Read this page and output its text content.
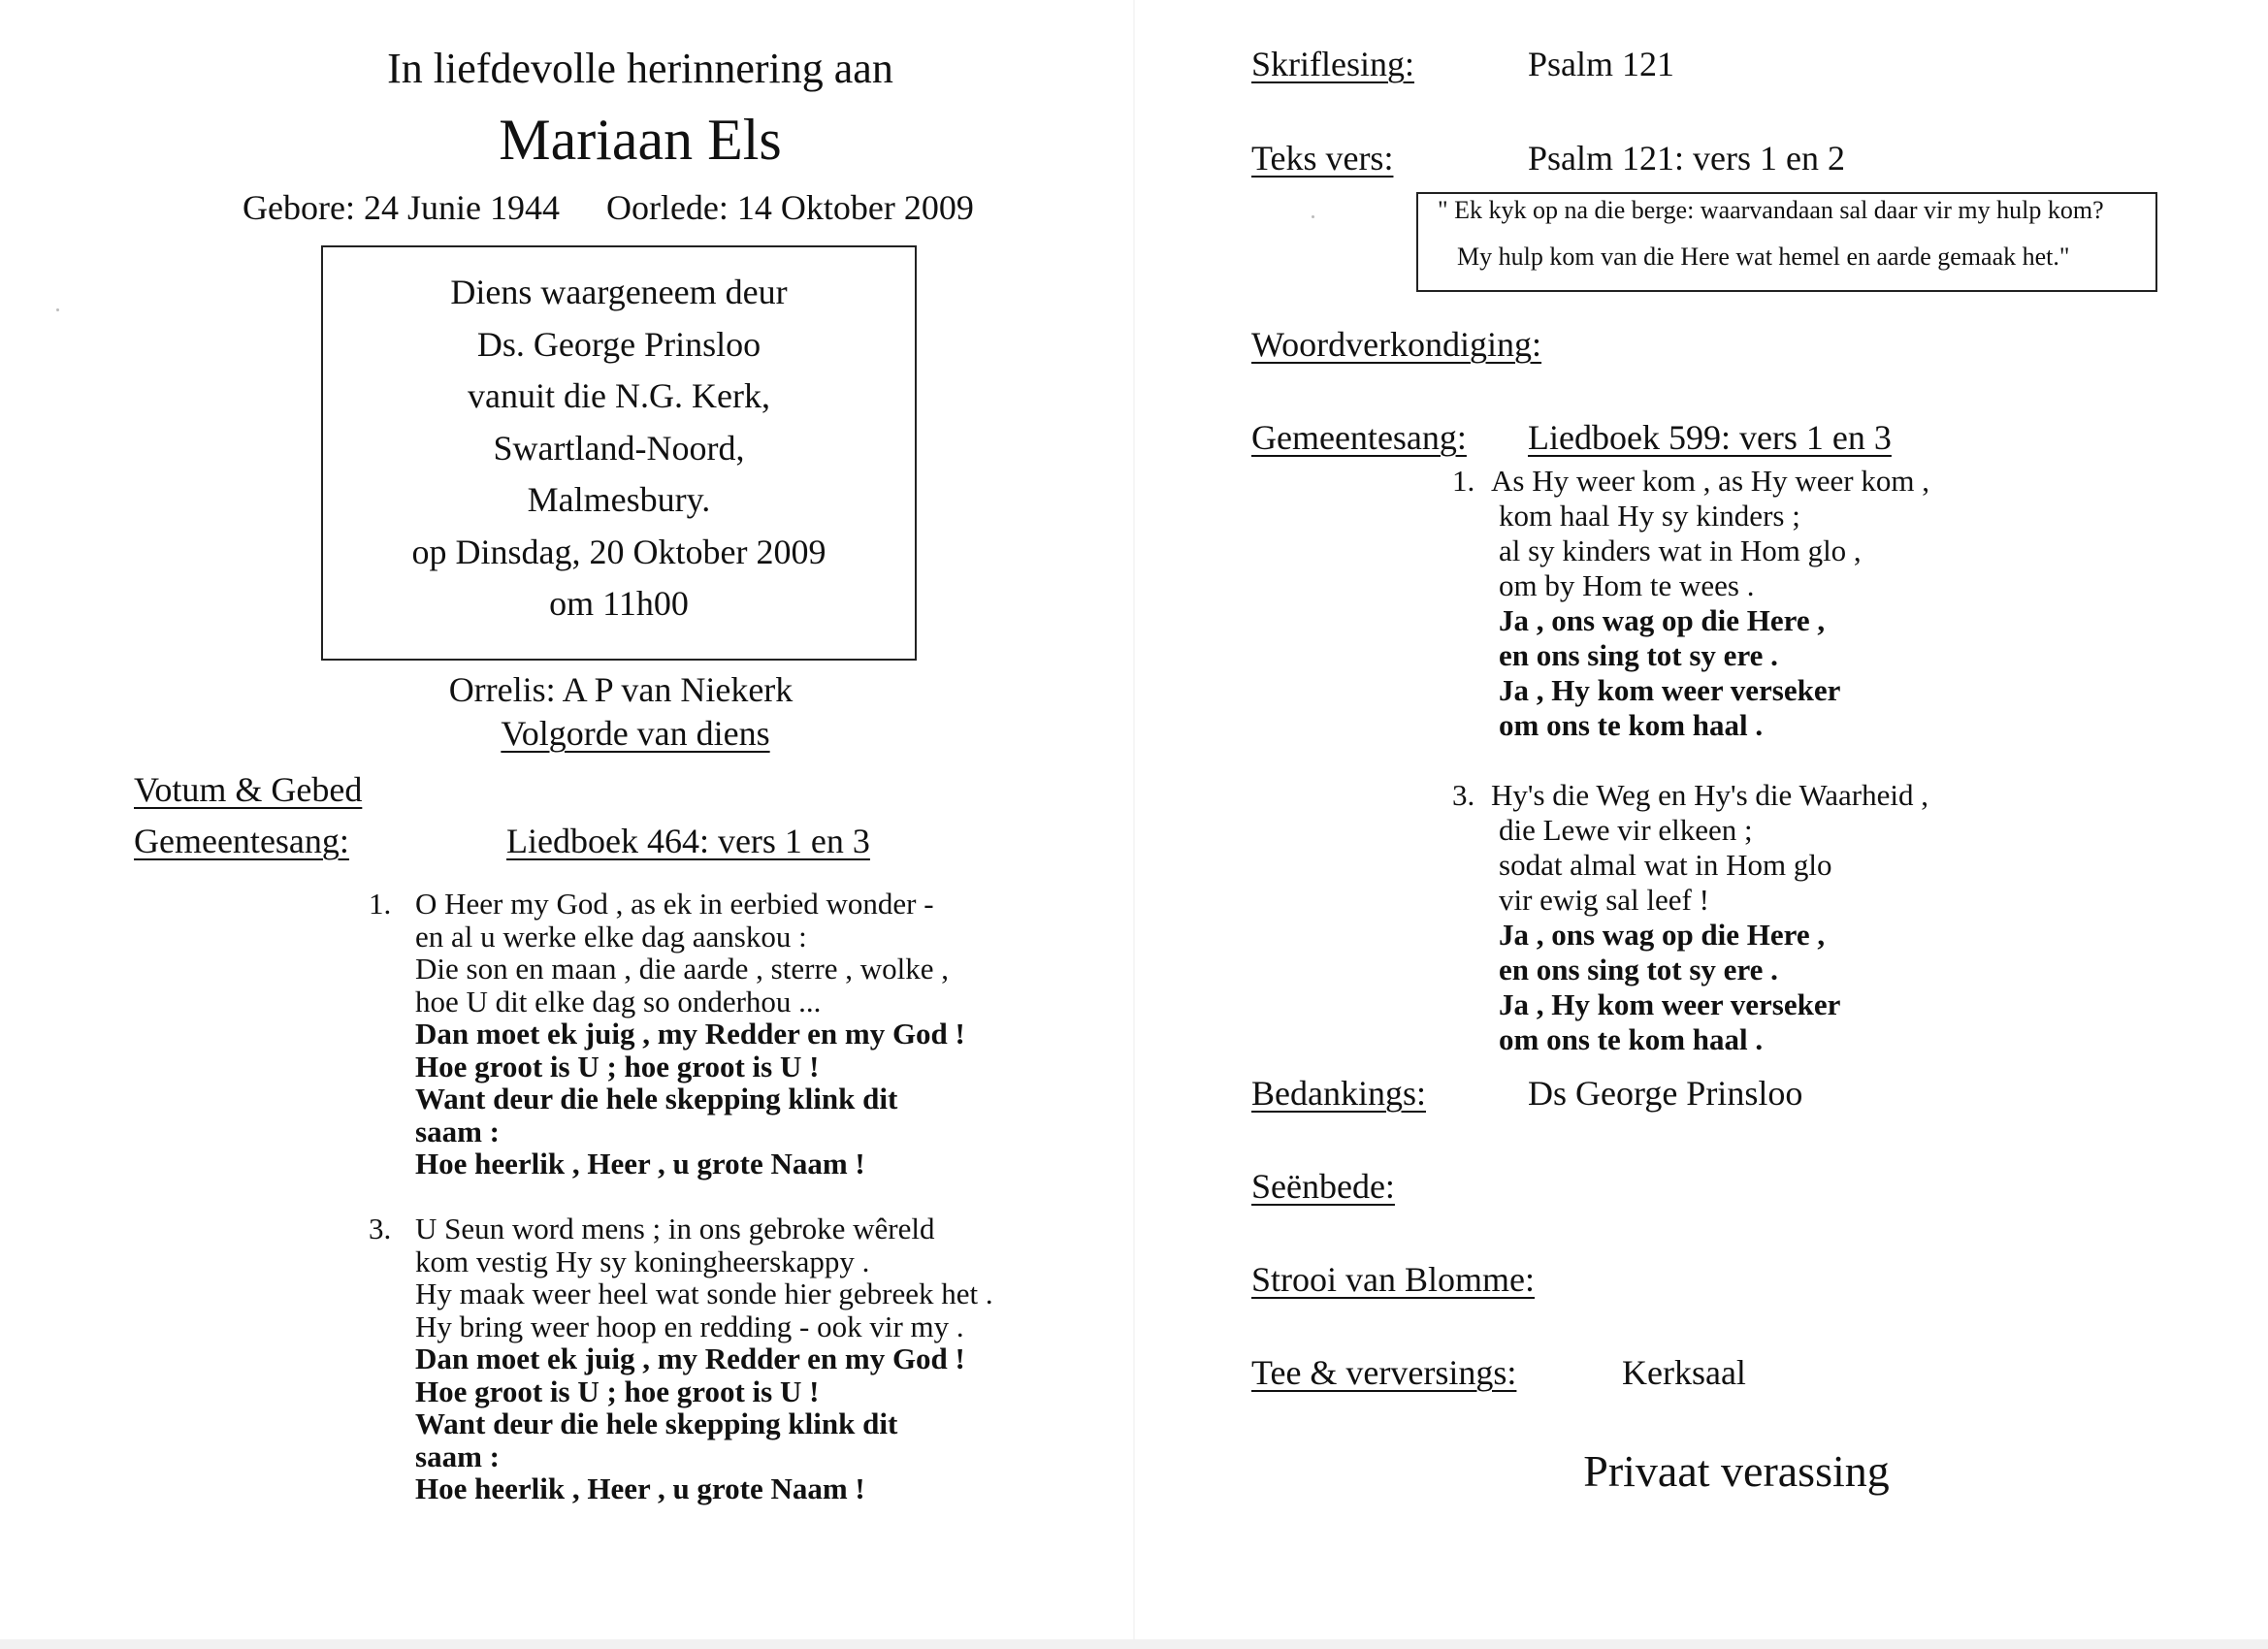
In liefdevolle herinnering aan
Mariaan Els
Gebore: 24 Junie 1944 Oorlede: 14 Oktober 2009
Diens waargeneem deur
Ds. George Prinsloo
vanuit die N.G. Kerk,
Swartland-Noord,
Malmesbury.
op Dinsdag, 20 Oktober 2009
om 11h00
Orrelis: A P van Niekerk
Volgorde van diens
Votum & Gebed
Gemeentesang:	Liedboek 464: vers 1 en 3
1. O Heer my God , as ek in eerbied wonder -
en al u werke elke dag aanskou :
Die son en maan , die aarde , sterre , wolke ,
hoe U dit elke dag so onderhou ...
Dan moet ek juig , my Redder en my God !
Hoe groot is U ; hoe groot is U !
Want deur die hele skepping klink dit
saam :
Hoe heerlik , Heer , u grote Naam !
3. U Seun word mens ; in ons gebroke wêreld
kom vestig Hy sy koningheerskappy .
Hy maak weer heel wat sonde hier gebreek het .
Hy bring weer hoop en redding - ook vir my .
Dan moet ek juig , my Redder en my God !
Hoe groot is U ; hoe groot is U !
Want deur die hele skepping klink dit
saam :
Hoe heerlik , Heer , u grote Naam !
Skriflesing:	Psalm 121
Teks vers:	Psalm 121: vers 1 en 2
" Ek kyk op na die berge: waarvandaan sal daar vir my hulp kom?
My hulp kom van die Here wat hemel en aarde gemaak het."
Woordverkondiging:
Gemeentesang: Liedboek 599: vers 1 en 3
1. As Hy weer kom , as Hy weer kom ,
kom haal Hy sy kinders ;
al sy kinders wat in Hom glo ,
om by Hom te wees .
Ja , ons wag op die Here ,
en ons sing tot sy ere .
Ja , Hy kom weer verseker
om ons te kom haal .
3. Hy's die Weg en Hy's die Waarheid ,
die Lewe vir elkeen ;
sodat almal wat in Hom glo
vir ewig sal leef !
Ja , ons wag op die Here ,
en ons sing tot sy ere .
Ja , Hy kom weer verseker
om ons te kom haal .
Bedankings:	Ds George Prinsloo
Seënbede:
Strooi van Blomme:
Tee & verversings:	Kerksaal
Privaat verassing
